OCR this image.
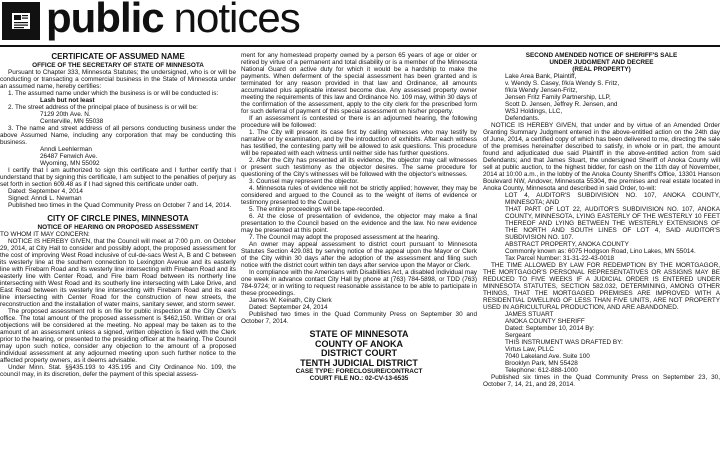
public notices
CERTIFICATE OF ASSUMED NAME
OFFICE OF THE SECRETARY OF STATE OF MINNESOTA

Pursuant to Chapter 333, Minnesota Statutes; the undersigned, who is or will be conducting or transacting a commercial business in the State of Minnesota under an assumed name, hereby certifies:

1. The assumed name under which the business is or will be conducted is:

Lash but not least

2. The street address of the principal place of business is or will be:

7129 20th Ave. N.

Centerville, MN 55038

3. The name and street address of all persons conducting business under the above Assumed Name, including any corporation that may be conducting this business.

Anndi Leehlerman

26487 Fenwich Ave.

Wyoming, MN 55092

I certify that I am authorized to sign this certificate and I further certify that I understand that by signing this certificate, I am subject to the penalties of perjury as set forth in section 609.48 as if I had signed this certificate under oath.

Dated: September 4, 2014

Signed: Anndi L. Newman

Published two times in the Quad Community Press on October 7 and 14, 2014.

CITY OF CIRCLE PINES, MINNESOTA
NOTICE OF HEARING ON PROPOSED ASSESSMENT

TO WHOM IT MAY CONCERN:

NOTICE IS HEREBY GIVEN, that the Council will meet at 7:00 p.m. on October 29, 2014, at City Hall to consider and possibly adopt, the proposed assessment for the cost of improving West Road inclusive of cul-de-sacs West A, B and C between its westerly line at the southern connection to Lexington Avenue and its easterly line with Firebarn Road and its westerly line intersecting with Firebarn Road and its easterly line with Center Road, and Fire barn Road between its northerly line intersecting with West Road and its southerly line intersecting with Lake Drive, and East Road between its westerly line intersecting with Firebarn Road and its east line intersecting with Center Road for the construction of new streets, the reconstruction and the installation of water mains, sanitary sewer, and storm sewer.

The proposed assessment roll is on file for public inspection at the City Clerk's office. The total amount of the proposed assessment is $462,150. Written or oral objections will be considered at the meeting. No appeal may be taken as to the amount of an assessment unless a signed, written objection is filed with the Clerk prior to the hearing, or presented to the presiding officer at the hearing. The Council may upon such notice, consider any objection to the amount of a proposed individual assessment at any adjourned meeting upon such further notice to the affected property owners, as it deems advisable.

Under Minn. Stat. §§435.193 to 435.195 and City Ordinance No. 109, the council may, in its discretion, defer the payment of this special assess-

ment for any homestead property owned by a person 65 years of age or older or retired by virtue of a permanent and total disability or is a member of the Minnesota National Guard on active duty for which it would be a hardship to make the payments. When deferment of the special assessment has been granted and is terminated for any reason provided in that law and Ordinance, all amounts accumulated plus applicable interest become due. Any assessed property owner meeting the requirements of this law and Ordinance No. 109 may, within 30 days of the confirmation of the assessment, apply to the city clerk for the prescribed form for such deferral of payment of this special assessment on his/her property.

If an assessment is contested or there is an adjourned hearing, the following procedure will be followed:

1. The City will present its case first by calling witnesses who may testify by narrative or by examination, and by the introduction of exhibits. After each witness has testified, the contesting party will be allowed to ask questions. This procedure will be repeated with each witness until neither side has further questions.

2. After the City has presented all its evidence, the objector may call witnesses or present such testimony as the objector desires. The same procedure for questioning of the City's witnesses will be followed with the objector's witnesses.

3. Counsel may represent the objector.

4. Minnesota rules of evidence will not be strictly applied; however, they may be considered and argued to the Council as to the weight of items of evidence or testimony presented to the Council.

5. The entire proceedings will be tape-recorded.

6. At the close of presentation of evidence, the objector may make a final presentation to the Council based on the evidence and the law. No new evidence may be presented at this point.

7. The Council may adopt the proposed assessment at the hearing.

An owner may appeal assessment to district court pursuant to Minnesota Statutes Section 429.081 by serving notice of the appeal upon the Mayor or Clerk of the City within 30 days after the adoption of the assessment and filing such notice with the district court within ten days after service upon the Mayor or Clerk.

In compliance with the Americans with Disabilities Act, a disabled individual may one week in advance contact City Hall by phone at (763) 784-5898, or TDD (763) 784-9724; or in writing to request reasonable assistance to be able to participate in these proceedings.

James W. Keinath, City Clerk

Dated: September 24, 2014

Published two times in the Quad Community Press on September 30 and October 7, 2014.

STATE OF MINNESOTA
COUNTY OF ANOKA
DISTRICT COURT
TENTH JUDICIAL DISTRICT
CASE TYPE: FORECLOSURE/CONTRACT
COURT FILE NO.: 02-CV-13-6535
SECOND AMENDED NOTICE OF SHERIFF'S SALE
UNDER JUDGMENT AND DECREE
(REAL PROPERTY)

Lake Area Bank, Plaintiff,

v. Wendy S. Casey, f/k/a Wendy S. Fritz,

f/k/a Wendy Jensen-Fritz,

Jensen Fritz Family Partnership, LLP,

Scott D. Jensen, Jeffrey R. Jensen, and

WSJ Holdings, LLC,

Defendants.

NOTICE IS HEREBY GIVEN, that under and by virtue of an Amended Order Granting Summary Judgment entered in the above-entitled action on the 24th day of June, 2014, a certified copy of which has been delivered to me, directing the sale of the premises hereinafter described to satisfy, in whole or in part, the amount found and adjudicated due said Plaintiff in the above-entitled action from said Defendants; and that James Stuart, the undersigned Sheriff of Anoka County will sell at public auction, to the highest bidder, for cash on the 11th day of November, 2014 at 10:00 a.m., in the lobby of the Anoka County Sheriff's Office, 13301 Hanson Boulevard NW, Andover, Minnesota 55304, the premises and real estate located in Anoka County, Minnesota and described in said Order, to-wit:

LOT 4, AUDITOR'S SUBDIVISION NO. 107, ANOKA COUNTY, MINNESOTA; AND

THAT PART OF LOT 22, AUDITOR'S SUBDIVISION NO. 107, ANOKA COUNTY, MINNESOTA, LYING EASTERLY OF THE WESTERLY 10 FEET THEREOF AND LYING BETWEEN THE WESTERLY EXTENSIONS OF THE NORTH AND SOUTH LINES OF LOT 4, SAID AUDITOR'S SUBDIVISION NO. 107.

ABSTRACT PROPERTY, ANOKA COUNTY

Commonly known as: 6075 Hodgson Road, Lino Lakes, MN 55014.

Tax Parcel Number: 31-31-22-43-0018

THE TIME ALLOWED BY LAW FOR REDEMPTION BY THE MORTGAGOR, THE MORTGAGOR'S PERSONAL REPRESENTATIVES OR ASSIGNS MAY BE REDUCED TO FIVE WEEKS IF A JUDICIAL ORDER IS ENTERED UNDER MINNESOTA STATUTES, SECTION 582.032, DETERMINING, AMONG OTHER THINGS, THAT THE MORTGAGED PREMISES ARE IMPROVED WITH A RESIDENTIAL DWELLING OF LESS THAN FIVE UNITS, ARE NOT PROPERTY USED IN AGRICULTURAL PRODUCTION, AND ARE ABANDONED.

JAMES STUART

ANOKA COUNTY SHERIFF

Dated: September 10, 2014 By:

Sergeant

THIS INSTRUMENT WAS DRAFTED BY:

Virtus Law, PLLC

7040 Lakeland Ave. Suite 100

Brooklyn Park, MN 55428

Telephone: 612-888-1000

Published six times in the Quad Community Press on September 23, 30, October 7, 14, 21, and 28, 2014.
